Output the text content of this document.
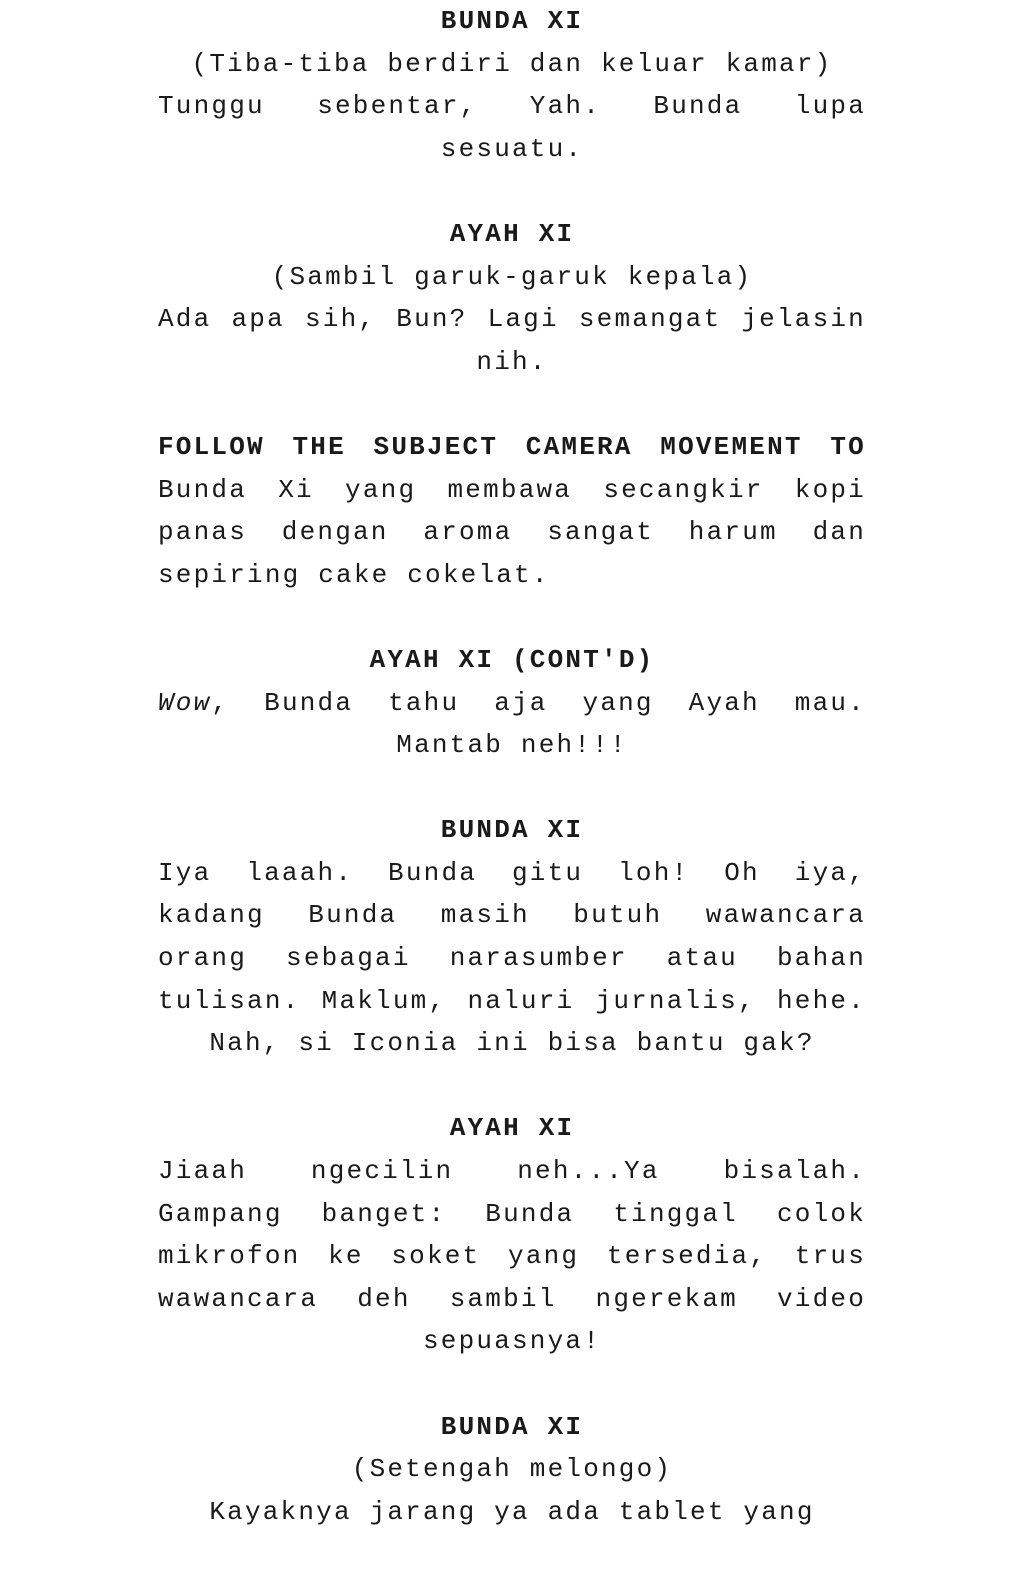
BUNDA XI
(Tiba-tiba berdiri dan keluar kamar)
Tunggu sebentar, Yah. Bunda lupa sesuatu.
AYAH XI
(Sambil garuk-garuk kepala)
Ada apa sih, Bun? Lagi semangat jelasin nih.
FOLLOW THE SUBJECT CAMERA MOVEMENT TO
Bunda Xi yang membawa secangkir kopi panas dengan aroma sangat harum dan sepiring cake cokelat.
AYAH XI (CONT'D)
Wow, Bunda tahu aja yang Ayah mau. Mantab neh!!!
BUNDA XI
Iya laaah. Bunda gitu loh! Oh iya, kadang Bunda masih butuh wawancara orang sebagai narasumber atau bahan tulisan. Maklum, naluri jurnalis, hehe. Nah, si Iconia ini bisa bantu gak?
AYAH XI
Jiaah ngecilin neh...Ya bisalah. Gampang banget: Bunda tinggal colok mikrofon ke soket yang tersedia, trus wawancara deh sambil ngerekam video sepuasnya!
BUNDA XI
(Setengah melongo)
Kayaknya jarang ya ada tablet yang
